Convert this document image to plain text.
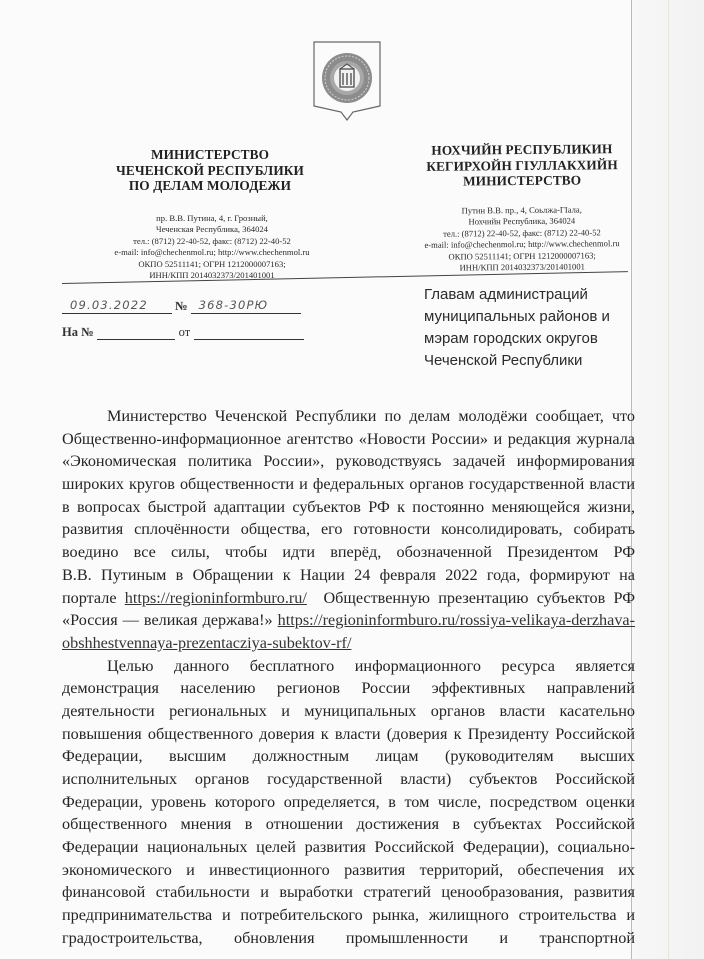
МИНИСТЕРСТВО
ЧЕЧЕНСКОЙ РЕСПУБЛИКИ
ПО ДЕЛАМ МОЛОДЕЖИ
пр. В.В. Путина, 4, г. Грозный,
Чеченская Республика, 364024
тел.: (8712) 22-40-52, факс: (8712) 22-40-52
e-mail: info@chechenmol.ru; http://www.chechenmol.ru
ОКПО 52511141; ОГРН 1212000007163;
ИНН/КПП 2014032373/201401001
НОХЧИЙН РЕСПУБЛИКИН
КЕГИРХОЙН ГIУЛЛАКХИЙН
МИНИСТЕРСТВО
Путин В.В. пр., 4, Соьлжа-ГIала,
Нохчийн Республика, 364024
тел.: (8712) 22-40-52, факс: (8712) 22-40-52
e-mail: info@chechenmol.ru; http://www.chechenmol.ru
ОКПО 52511141; ОГРН 1212000007163;
ИНН/КПП 2014032373/201401001
09.03.2022 № 368-30РЮ
На №	от
Главам администраций
муниципальных районов и
мэрам городских округов
Чеченской Республики
Министерство Чеченской Республики по делам молодёжи сообщает, что
Общественно-информационное агентство «Новости России» и редакция журнала
«Экономическая политика России», руководствуясь задачей информирования
широких кругов общественности и федеральных органов государственной власти
в вопросах быстрой адаптации субъектов РФ к постоянно меняющейся жизни,
развития сплочённости общества, его готовности консолидировать, собирать
воедино все силы, чтобы идти вперёд, обозначенной Президентом РФ
В.В. Путиным в Обращении к Нации 24 февраля 2022 года, формируют на
портале https://regioninformburo.ru/ Общественную презентацию субъектов РФ
«Россия — великая держава!» https://regioninformburo.ru/rossiya-velikaya-derzhava-
obshhestvennaya-prezentacziya-subektov-rf/
Целью данного бесплатного информационного ресурса является
демонстрация населению регионов России эффективных направлений
деятельности региональных и муниципальных органов власти касательно
повышения общественного доверия к власти (доверия к Президенту Российской
Федерации, высшим должностным лицам (руководителям высших
исполнительных органов государственной власти) субъектов Российской
Федерации, уровень которого определяется, в том числе, посредством оценки
общественного мнения в отношении достижения в субъектах Российской
Федерации национальных целей развития Российской Федерации), социально-
экономического и инвестиционного развития территорий, обеспечения их
финансовой стабильности и выработки стратегий ценообразования, развития
предпринимательства и потребительского рынка, жилищного строительства и
градостроительства, обновления промышленности и транспортной
